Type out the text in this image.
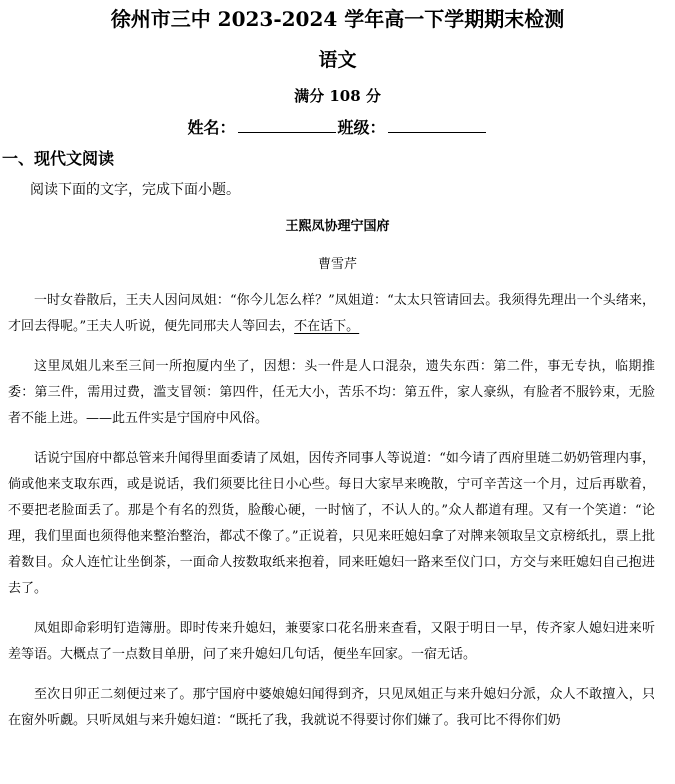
徐州市三中 2023-2024 学年高一下学期期末检测
语文
满分 108 分
姓名：	班级：
一、现代文阅读
阅读下面的文字，完成下面小题。
王熙凤协理宁国府
曹雪芹

一时女眷散后，王夫人因问凤姐：“你今儿怎么样？”凤姐道：“太太只管请回去。我须得先理出一个头绪来，才回去得呢。”王夫人听说，便先同邢夫人等回去，不在话下。

这里凤姐儿来至三间一所抱厦内坐了，因想：头一件是人口混杂，遗失东西：第二件，事无专执，临期推委：第三件，需用过费，滥支冒领：第四件，任无大小，苦乐不均：第五件，家人豪纵，有脸者不服钤束，无脸者不能上进。——此五件实是宁国府中风俗。

话说宁国府中都总管来升闻得里面委请了凤姐，因传齐同事人等说道：“如今请了西府里琏二奶奶管理内事，倘或他来支取东西，或是说话，我们须要比往日小心些。每日大家早来晚散，宁可辛苦这一个月，过后再歇着，不要把老脸面丢了。那是个有名的烈货，脸酸心硬，一时恼了，不认人的。”众人都道有理。又有一个笑道：“论理，我们里面也须得他来整治整治，都忒不像了。”正说着，只见来旺媳妇拿了对牌来领取呈文京榜纸扎，票上批着数目。众人连忙让坐倒茶，一面命人按数取纸来抱着，同来旺媳妇一路来至仪门口，方交与来旺媳妇自己抱进去了。

凤姐即命彩明钉造簿册。即时传来升媳妇，兼要家口花名册来查看，又限于明日一早，传齐家人媳妇进来听差等语。大概点了一点数目单册，问了来升媳妇几句话，便坐车回家。一宿无话。

至次日卯正二刻便过来了。那宁国府中婆娘媳妇闻得到齐，只见凤姐正与来升媳妇分派，众人不敢擅入，只在窗外听觑。只听凤姐与来升媳妇道：“既托了我，我就说不得要讨你们嫌了。我可比不得你们奶
